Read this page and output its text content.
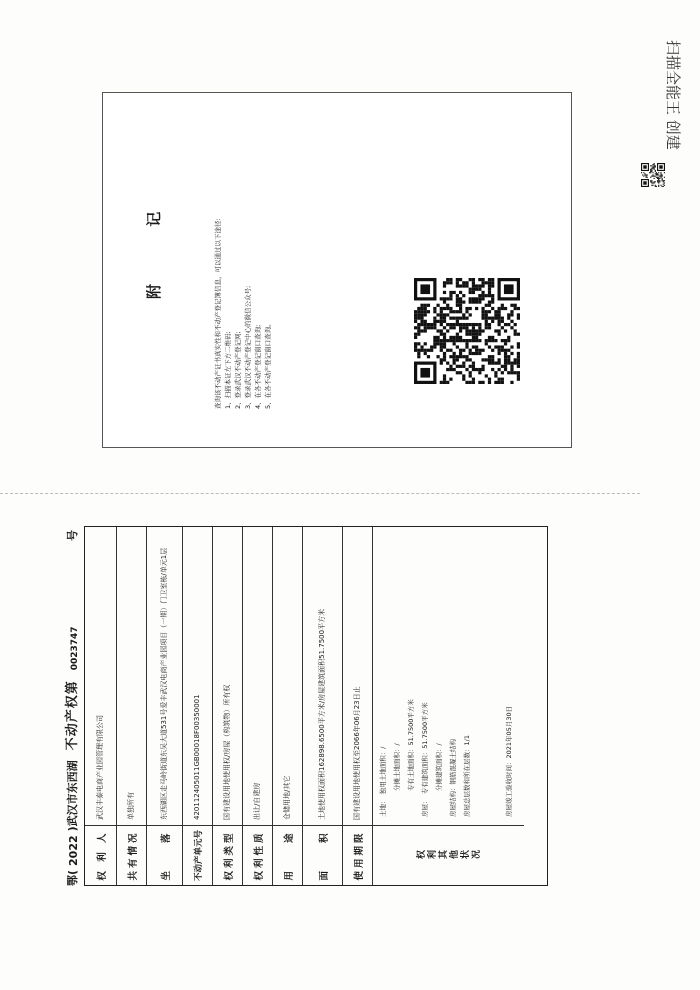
鄂(
2022
)武汉市东西湖
不动产权第
0023747
号
权 利 人
武汉丰泰电商产业园管理有限公司
共有情况
单独所有
坐　　落
东西湖区走马岭街道东吴大道531号爱丰武汉电商产业园项目（一期）门卫室栋/单元1层
不动产单元号
420112405011GB00018F00350001
权利类型
国有建设用地使用权/房屋（构筑物）所有权
权利性质
出让/自建房
用　　途
仓储用地/其它
面　　积
土地使用权面积162898.6500平方米/房屋建筑面积51.7500平方米
使用期限
国有建设用地使用权至2066年06月23日止
权利其他状况
土地：　独用土地面积：/ 　　　　分摊土地面积：/ 　　　　专有土地面积：51.7500平方米 房屋：　专有建筑面积：51.7500平方米 　　　　分摊建筑面积：/ 房屋结构：钢筋混凝土结构 房屋总层数和所在层数：1/1	房屋竣工验收时间：2021年05月30日
附 记	查询该不动产证书真实性和不动产登记簿信息，可以通过以下途径: 1、扫描本证左下方二维码; 2、登录武汉不动产登记网; 3、登录武汉不动产登记中心的微信公众号; 4、在各不动产登记窗口查询; 5、在各不动产登记窗口查询。
扫描全能王 创建
